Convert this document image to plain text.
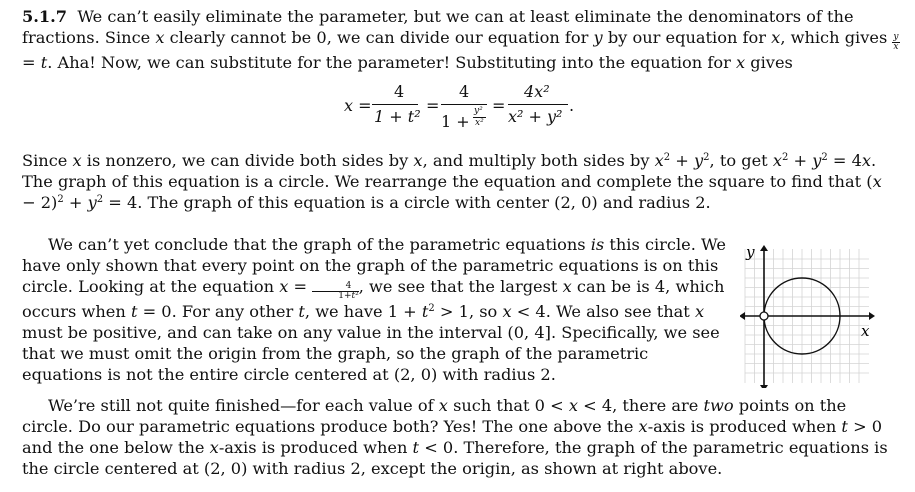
5.1.7 We can’t easily eliminate the parameter, but we can at least eliminate the denominators of the fractions. Since x clearly cannot be 0, we can divide our equation for y by our equation for x, which gives $\frac{y}{x}$
= t. Aha! Now, we can substitute for the parameter! Substituting into the equation for x gives

x =
4
1 + t²
=
4
1 +
y²
x²
=
4x²
x² + y²
.

Since x is nonzero, we can divide both sides by x, and multiply both sides by $x^2 + y^2$, to get $x^2 + y^2 = 4x$. The graph of this equation is a circle. We rearrange the equation and complete the square to find that $(x - 2)^2 + y^2 = 4$. The graph of this equation is a circle with center (2, 0) and radius 2.

We can’t yet conclude that the graph of the parametric equations is this circle. We have only shown that every point on the graph of the parametric equations is on this circle. Looking at the equation $x = \frac{4}{\text{1+t²}}$ , we see that the largest x can be is 4, which occurs when t = 0. For any other t, we have $1 + t^2 > 1$, so x < 4. We also see that x must be positive, and can take on any value in the interval (0, 4]. Specifically, we see that we must omit the origin from the graph, so the graph of the parametric equations is not the entire circle centered at (2, 0) with radius 2.

x
y

We’re still not quite finished—for each value of x such that 0 < x < 4, there are two points on the circle. Do our parametric equations produce both? Yes! The one above the x-axis is produced when t > 0 and the one below the x-axis is produced when t < 0. Therefore, the graph of the parametric equations is the circle centered at (2, 0) with radius 2, except the origin, as shown at right above.
